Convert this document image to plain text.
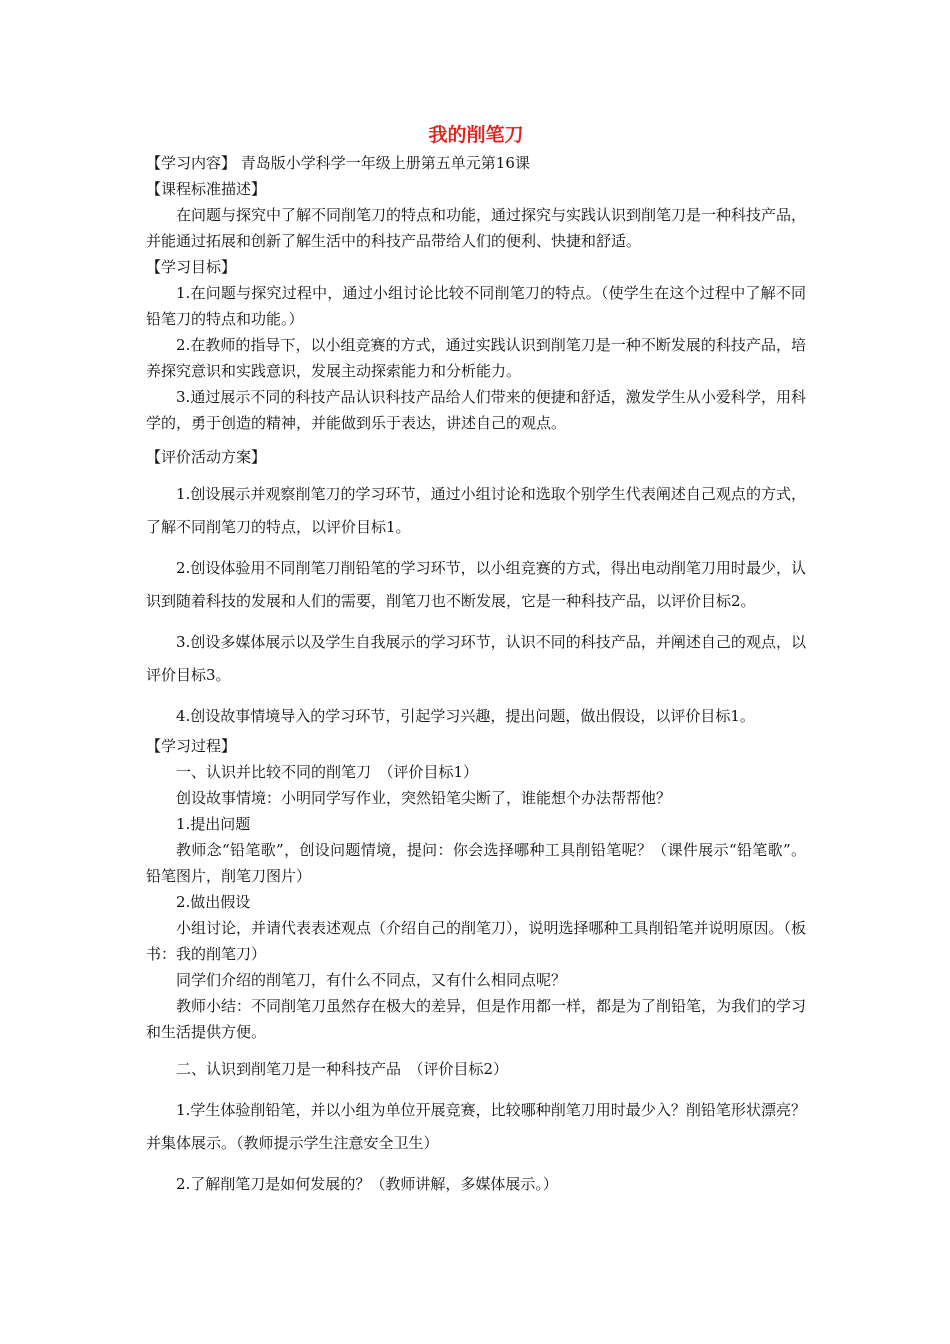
我的削笔刀

【学习内容】 青岛版小学科学一年级上册第五单元第16课

【课程标准描述】

在问题与探究中了解不同削笔刀的特点和功能，通过探究与实践认识到削笔刀是一种科技产品，并能通过拓展和创新了解生活中的科技产品带给人们的便利、快捷和舒适。

【学习目标】

1.在问题与探究过程中，通过小组讨论比较不同削笔刀的特点。（使学生在这个过程中了解不同铅笔刀的特点和功能。）

2.在教师的指导下，以小组竞赛的方式，通过实践认识到削笔刀是一种不断发展的科技产品，培养探究意识和实践意识，发展主动探索能力和分析能力。

3.通过展示不同的科技产品认识科技产品给人们带来的便捷和舒适，激发学生从小爱科学，用科学的，勇于创造的精神，并能做到乐于表达，讲述自己的观点。

【评价活动方案】

1.创设展示并观察削笔刀的学习环节，通过小组讨论和选取个别学生代表阐述自己观点的方式，了解不同削笔刀的特点，以评价目标1。

2.创设体验用不同削笔刀削铅笔的学习环节，以小组竞赛的方式，得出电动削笔刀用时最少，认识到随着科技的发展和人们的需要，削笔刀也不断发展，它是一种科技产品，以评价目标2。

3.创设多媒体展示以及学生自我展示的学习环节，认识不同的科技产品，并阐述自己的观点，以评价目标3。

4.创设故事情境导入的学习环节，引起学习兴趣，提出问题，做出假设，以评价目标1。

【学习过程】

一、认识并比较不同的削笔刀　（评价目标1）

创设故事情境：小明同学写作业，突然铅笔尖断了，谁能想个办法帮帮他？

1.提出问题

教师念“铅笔歌”，创设问题情境，提问：你会选择哪种工具削铅笔呢？（课件展示“铅笔歌”。铅笔图片，削笔刀图片）

2.做出假设

小组讨论，并请代表表述观点（介绍自己的削笔刀），说明选择哪种工具削铅笔并说明原因。（板书：我的削笔刀）

同学们介绍的削笔刀，有什么不同点，又有什么相同点呢？

教师小结：不同削笔刀虽然存在极大的差异，但是作用都一样，都是为了削铅笔，为我们的学习和生活提供方便。

二、认识到削笔刀是一种科技产品　（评价目标2）

1.学生体验削铅笔，并以小组为单位开展竞赛，比较哪种削笔刀用时最少入？削铅笔形状漂亮？并集体展示。（教师提示学生注意安全卫生）

2.了解削笔刀是如何发展的？（教师讲解，多媒体展示。）
